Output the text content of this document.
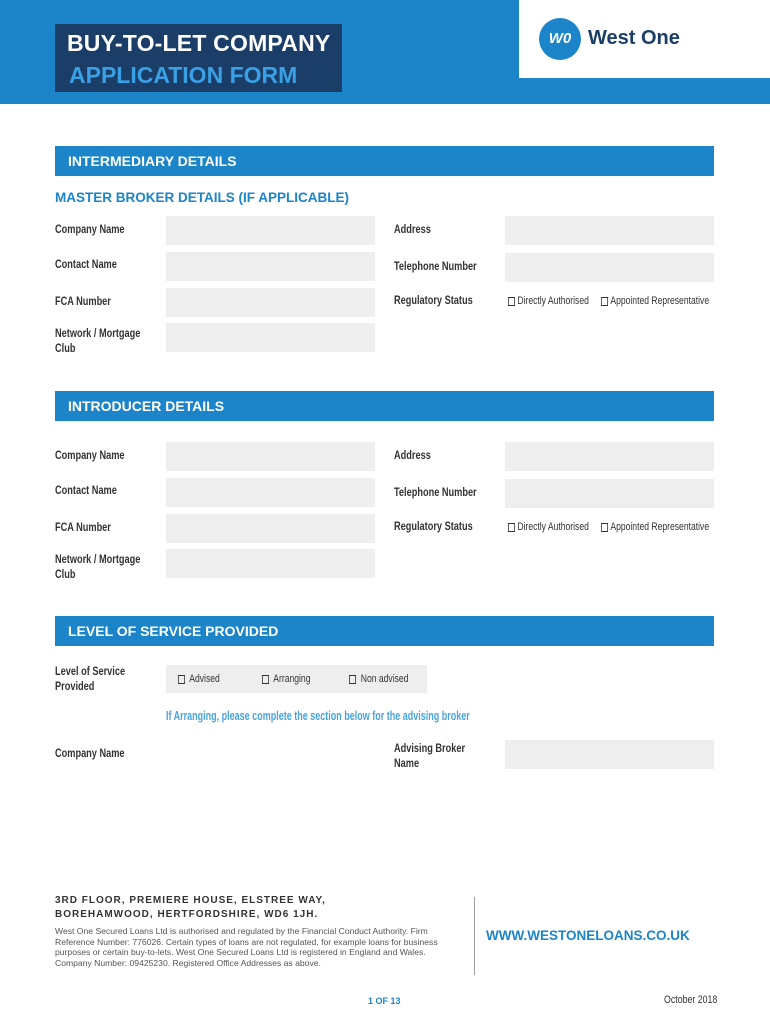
BUY-TO-LET COMPANY
APPLICATION FORM
W0 West One
INTERMEDIARY DETAILS
MASTER BROKER DETAILS (IF APPLICABLE)
Company Name	Address
Contact Name	Telephone Number
FCA Number	Regulatory Status	Directly Authorised	Appointed Representative
Network / Mortgage
Club
INTRODUCER DETAILS
Company Name	Address
Contact Name	Telephone Number
FCA Number	Regulatory Status	Directly Authorised	Appointed Representative
Network / Mortgage
Club
LEVEL OF SERVICE PROVIDED
Level of Service
Provided
Advised	Arranging	Non advised
If Arranging, please complete the section below for the advising broker
Company Name	Advising Broker
Name
3RD FLOOR, PREMIERE HOUSE, ELSTREE WAY,
BOREHAMWOOD, HERTFORDSHIRE, WD6 1JH.
West One Secured Loans Ltd is authorised and regulated by the Financial Conduct Authority. Firm Reference Number: 776026. Certain types of loans are not regulated, for example loans for business purposes or certain buy-to-lets. West One Secured Loans Ltd is registered in England and Wales. Company Number: 09425230. Registered Office Addresses as above.
WWW.WESTONELOANS.CO.UK
1 OF 13	October 2018
